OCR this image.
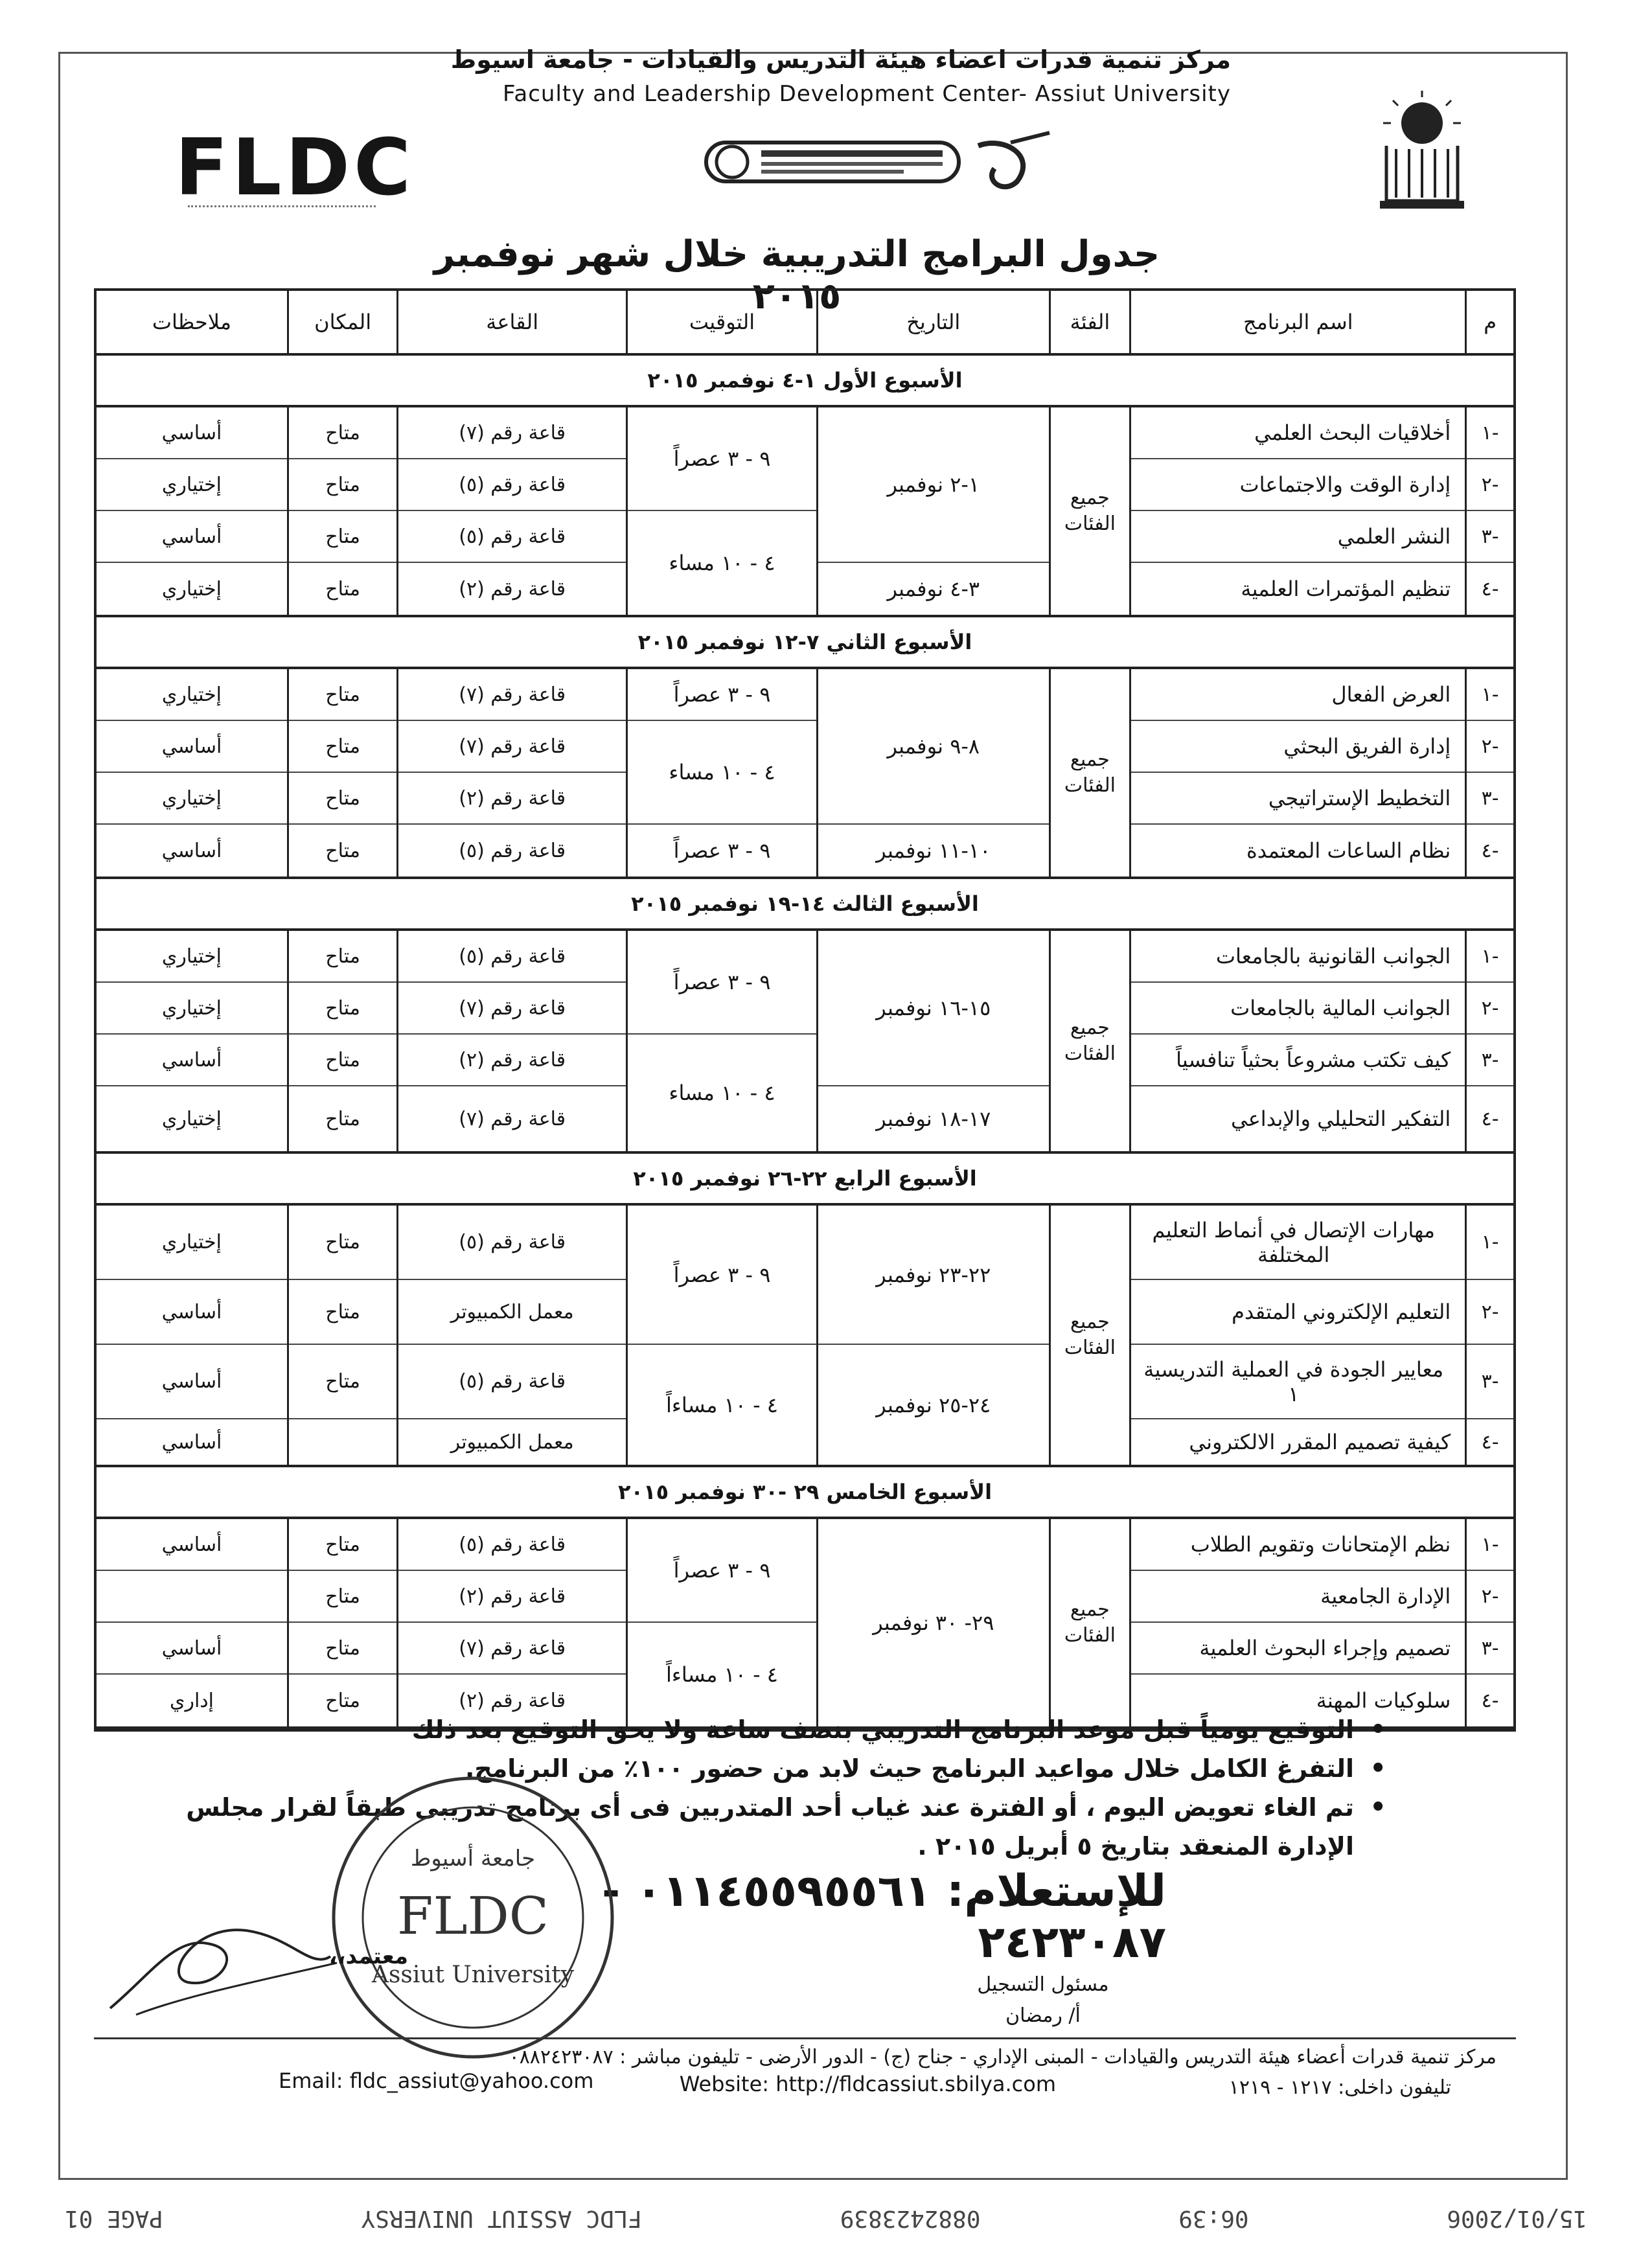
مركز تنمية قدرات اعضاء هيئة التدريس والقيادات - جامعة اسيوط
Faculty and Leadership Development Center- Assiut University
FLDC
جدول البرامج التدريبية خلال شهر نوفمبر ٢٠١٥
م
اسم البرنامج
الفئة
التاريخ
التوقيت
القاعة
المكان
ملاحظات
الأسبوع الأول ١-٤ نوفمبر ٢٠١٥
-١
-٢
-٣
-٤
أخلاقيات البحث العلمي
إدارة الوقت والاجتماعات
النشر العلمي
تنظيم المؤتمرات العلمية
جميع الفئات
١-٢ نوفمبر
٣-٤ نوفمبر
٩ - ٣ عصراً
٤ - ١٠ مساء
قاعة رقم (٧)
قاعة رقم (٥)
قاعة رقم (٥)
قاعة رقم (٢)
متاح
متاح
متاح
متاح
أساسي
إختياري
أساسي
إختياري
الأسبوع الثاني ٧-١٢ نوفمبر ٢٠١٥
-١
-٢
-٣
-٤
العرض الفعال
إدارة الفريق البحثي
التخطيط الإستراتيجي
نظام الساعات المعتمدة
جميع الفئات
٨-٩ نوفمبر
١٠-١١ نوفمبر
٩ - ٣ عصراً
٤ - ١٠ مساء
٩ - ٣ عصراً
قاعة رقم (٧)
قاعة رقم (٧)
قاعة رقم (٢)
قاعة رقم (٥)
متاح
متاح
متاح
متاح
إختياري
أساسي
إختياري
أساسي
الأسبوع الثالث ١٤-١٩ نوفمبر ٢٠١٥
-١
-٢
-٣
-٤
الجوانب القانونية بالجامعات
الجوانب المالية بالجامعات
كيف تكتب مشروعاً بحثياً تنافسياً
التفكير التحليلي والإبداعي
جميع الفئات
١٥-١٦ نوفمبر
١٧-١٨ نوفمبر
٩ - ٣ عصراً
٤ - ١٠ مساء
قاعة رقم (٥)
قاعة رقم (٧)
قاعة رقم (٢)
قاعة رقم (٧)
متاح
متاح
متاح
متاح
إختياري
إختياري
أساسي
إختياري
الأسبوع الرابع ٢٢-٢٦ نوفمبر ٢٠١٥
-١
-٢
-٣
-٤
مهارات الإتصال في أنماط التعليم المختلفة
التعليم الإلكتروني المتقدم
معايير الجودة في العملية التدريسية ١
كيفية تصميم المقرر الالكتروني
جميع الفئات
٢٢-٢٣ نوفمبر
٢٤-٢٥ نوفمبر
٩ - ٣ عصراً
٤ - ١٠ مساءاً
قاعة رقم (٥)
معمل الكمبيوتر
قاعة رقم (٥)
معمل الكمبيوتر
متاح
متاح
متاح
إختياري
أساسي
أساسي
أساسي
الأسبوع الخامس ٢٩ -٣٠ نوفمبر ٢٠١٥
-١
-٢
-٣
-٤
نظم الإمتحانات وتقويم الطلاب
الإدارة الجامعية
تصميم وإجراء البحوث العلمية
سلوكيات المهنة
جميع الفئات
٢٩- ٣٠ نوفمبر
٩ - ٣ عصراً
٤ - ١٠ مساءاً
قاعة رقم (٥)
قاعة رقم (٢)
قاعة رقم (٧)
قاعة رقم (٢)
متاح
متاح
متاح
متاح
أساسي
أساسي
إداري
• التوقيع يومياً قبل موعد البرنامج التدريبي بنصف ساعة ولا يحق التوقيع بعد ذلك
• التفرغ الكامل خلال مواعيد البرنامج حيث لابد من حضور ١٠٠٪ من البرنامج.
• تم الغاء تعويض اليوم ، أو الفترة عند غياب أحد المتدربين فى أى برنامج تدريبى طبقاً لقرار مجلس الإدارة المنعقد بتاريخ ٥ أبريل ٢٠١٥ .
للإستعلام: ٠١١٤٥٥٩٥٥٦١ - ٢٤٢٣٠٨٧
جامعة أسيوط
FLDC
Assiut University
معتمد،،
مسئول التسجيل
أ/ رمضان
مركز تنمية قدرات أعضاء هيئة التدريس والقيادات - المبنى الإداري - جناح (ج) - الدور الأرضى - تليفون مباشر : ٠٨٨٢٤٢٣٠٨٧
Email: fldc_assiut@yahoo.com	Website: http://fldcassiut.sbilya.com	تليفون داخلى: ١٢١٧ - ١٢١٩
15/01/2006
06:39
0882423839
FLDC ASSIUT UNIVERSY
PAGE 01
